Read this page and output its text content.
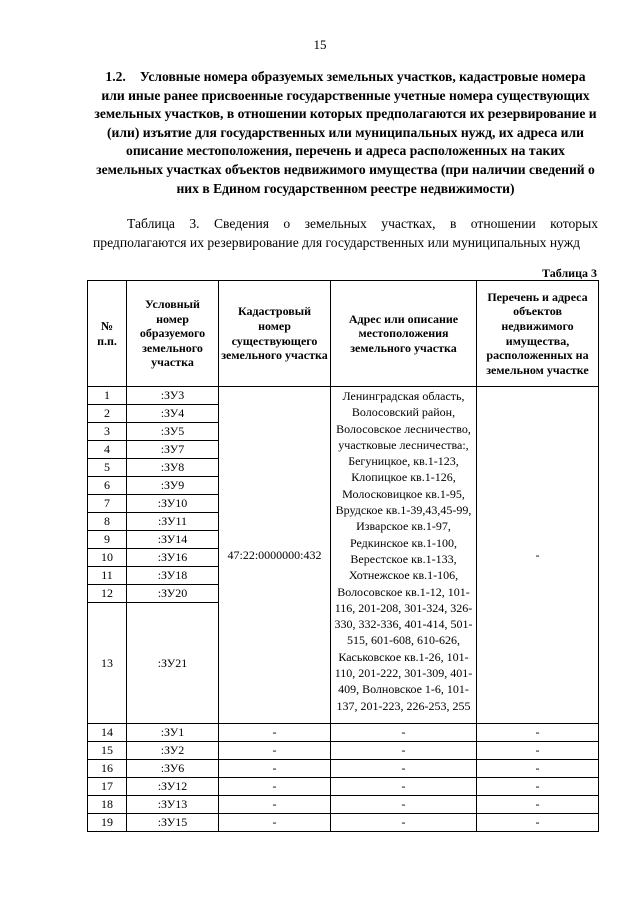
15
1.2. Условные номера образуемых земельных участков, кадастровые номера или иные ранее присвоенные государственные учетные номера существующих земельных участков, в отношении которых предполагаются их резервирование и (или) изъятие для государственных или муниципальных нужд, их адреса или описание местоположения, перечень и адреса расположенных на таких земельных участках объектов недвижимого имущества (при наличии сведений о них в Едином государственном реестре недвижимости)
Таблица 3. Сведения о земельных участках, в отношении которых предполагаются их резервирование для государственных или муниципальных нужд
Таблица 3
№ п.п.	Условный номер образуемого земельного участка	Кадастровый номер существующего земельного участка	Адрес или описание местоположения земельного участка	Перечень и адреса объектов недвижимого имущества, расположенных на земельном участке
1	:ЗУ3	47:22:0000000:432	Ленинградская область, Волосовский район, Волосовское лесничество, участковые лесничества:, Бегуницкое, кв.1-123, Клопицкое кв.1-126, Молосковицкое кв.1-95, Врудское кв.1-39,43,45-99, Изварское кв.1-97, Редкинское кв.1-100, Верестское кв.1-133, Хотнежское кв.1-106, Волосовское кв.1-12, 101-116, 201-208, 301-324, 326-330, 332-336, 401-414, 501-515, 601-608, 610-626, Каськовское кв.1-26, 101-110, 201-222, 301-309, 401-409, Волновское 1-6, 101-137, 201-223, 226-253, 255	-
2	:ЗУ4			
3	:ЗУ5			
4	:ЗУ7			
5	:ЗУ8			
6	:ЗУ9			
7	:ЗУ10			
8	:ЗУ11			
9	:ЗУ14			
10	:ЗУ16			
11	:ЗУ18			
12	:ЗУ20			
13	:ЗУ21			
14	:ЗУ1	-	-	-
15	:ЗУ2	-	-	-
16	:ЗУ6	-	-	-
17	:ЗУ12	-	-	-
18	:ЗУ13	-	-	-
19	:ЗУ15	-	-	-
